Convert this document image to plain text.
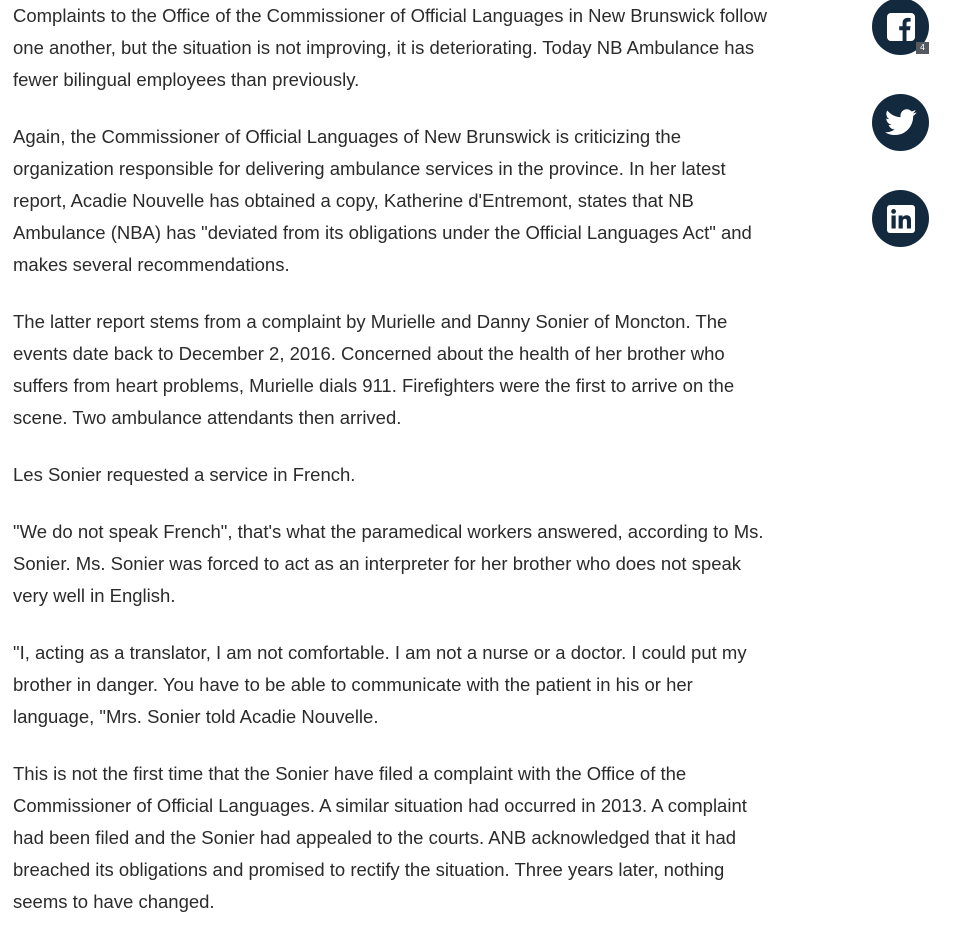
Complaints to the Office of the Commissioner of Official Languages in New Brunswick follow one another, but the situation is not improving, it is deteriorating. Today NB Ambulance has fewer bilingual employees than previously.

Again, the Commissioner of Official Languages of New Brunswick is criticizing the organization responsible for delivering ambulance services in the province. In her latest report, Acadie Nouvelle has obtained a copy, Katherine d'Entremont, states that NB Ambulance (NBA) has "deviated from its obligations under the Official Languages Act" and makes several recommendations.

The latter report stems from a complaint by Murielle and Danny Sonier of Moncton. The events date back to December 2, 2016. Concerned about the health of her brother who suffers from heart problems, Murielle dials 911. Firefighters were the first to arrive on the scene. Two ambulance attendants then arrived.

Les Sonier requested a service in French.

"We do not speak French", that's what the paramedical workers answered, according to Ms. Sonier. Ms. Sonier was forced to act as an interpreter for her brother who does not speak very well in English.

"I, acting as a translator, I am not comfortable. I am not a nurse or a doctor. I could put my brother in danger. You have to be able to communicate with the patient in his or her language, "Mrs. Sonier told Acadie Nouvelle.

This is not the first time that the Sonier have filed a complaint with the Office of the Commissioner of Official Languages. A similar situation had occurred in 2013. A complaint had been filed and the Sonier had appealed to the courts. ANB acknowledged that it had breached its obligations and promised to rectify the situation. Three years later, nothing seems to have changed.

4
